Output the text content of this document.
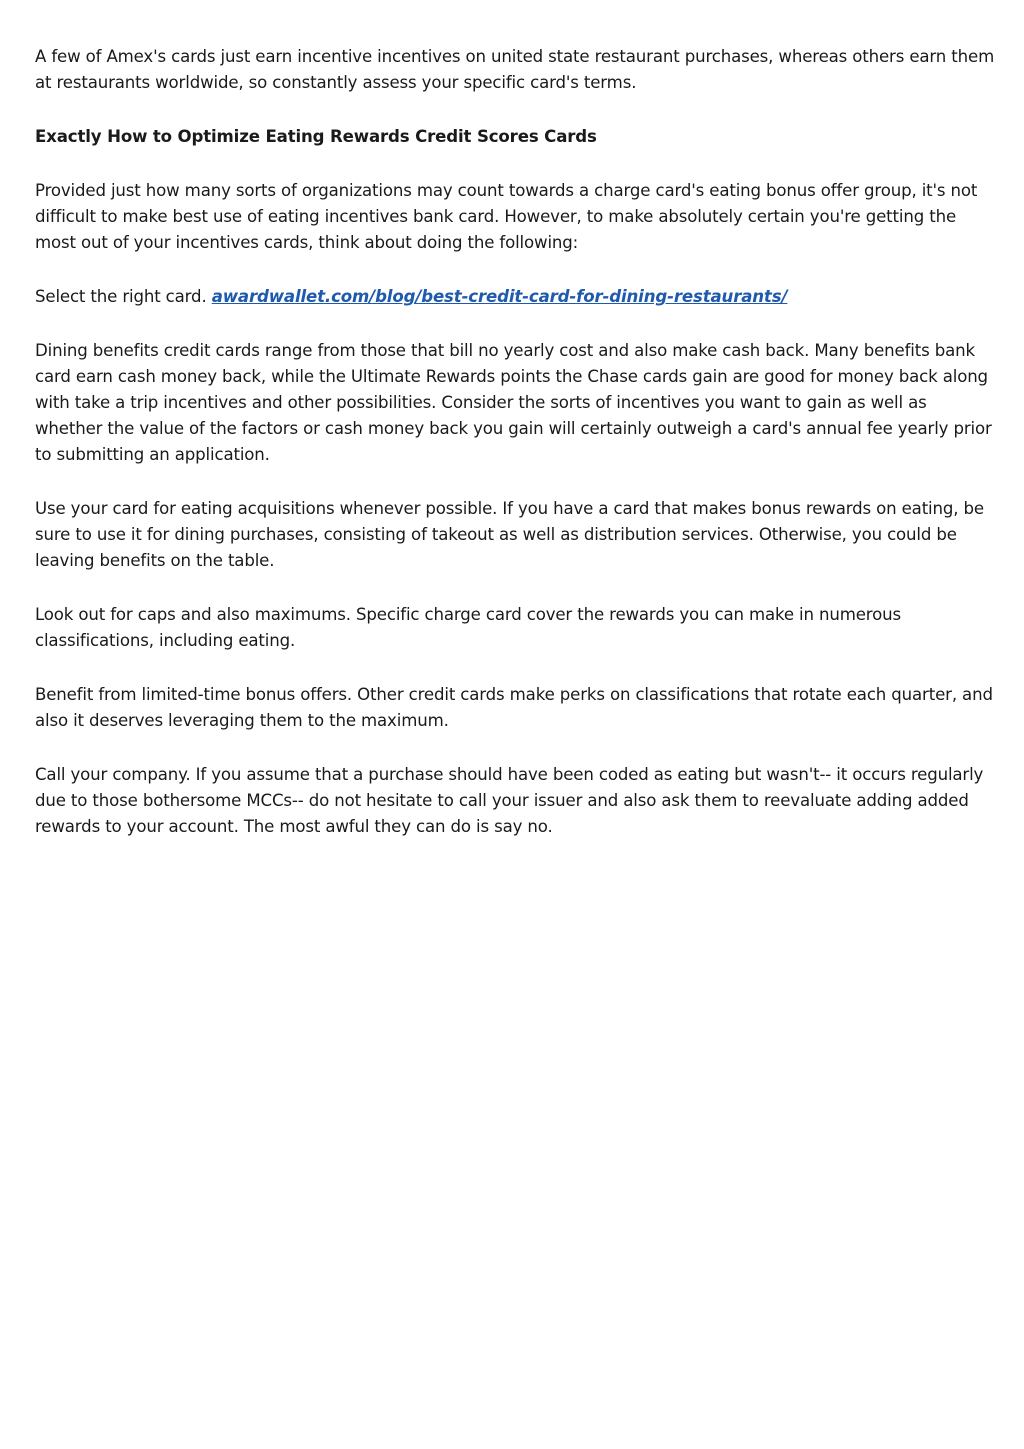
A few of Amex's cards just earn incentive incentives on united state restaurant purchases, whereas others earn them at restaurants worldwide, so constantly assess your specific card's terms.

Exactly How to Optimize Eating Rewards Credit Scores Cards

Provided just how many sorts of organizations may count towards a charge card's eating bonus offer group, it's not difficult to make best use of eating incentives bank card. However, to make absolutely certain you're getting the most out of your incentives cards, think about doing the following:

Select the right card. awardwallet.com/blog/best-credit-card-for-dining-restaurants/

Dining benefits credit cards range from those that bill no yearly cost and also make cash back. Many benefits bank card earn cash money back, while the Ultimate Rewards points the Chase cards gain are good for money back along with take a trip incentives and other possibilities. Consider the sorts of incentives you want to gain as well as whether the value of the factors or cash money back you gain will certainly outweigh a card's annual fee yearly prior to submitting an application.

Use your card for eating acquisitions whenever possible. If you have a card that makes bonus rewards on eating, be sure to use it for dining purchases, consisting of takeout as well as distribution services. Otherwise, you could be leaving benefits on the table.

Look out for caps and also maximums. Specific charge card cover the rewards you can make in numerous classifications, including eating.

Benefit from limited-time bonus offers. Other credit cards make perks on classifications that rotate each quarter, and also it deserves leveraging them to the maximum.

Call your company. If you assume that a purchase should have been coded as eating but wasn't-- it occurs regularly due to those bothersome MCCs-- do not hesitate to call your issuer and also ask them to reevaluate adding added rewards to your account. The most awful they can do is say no.
